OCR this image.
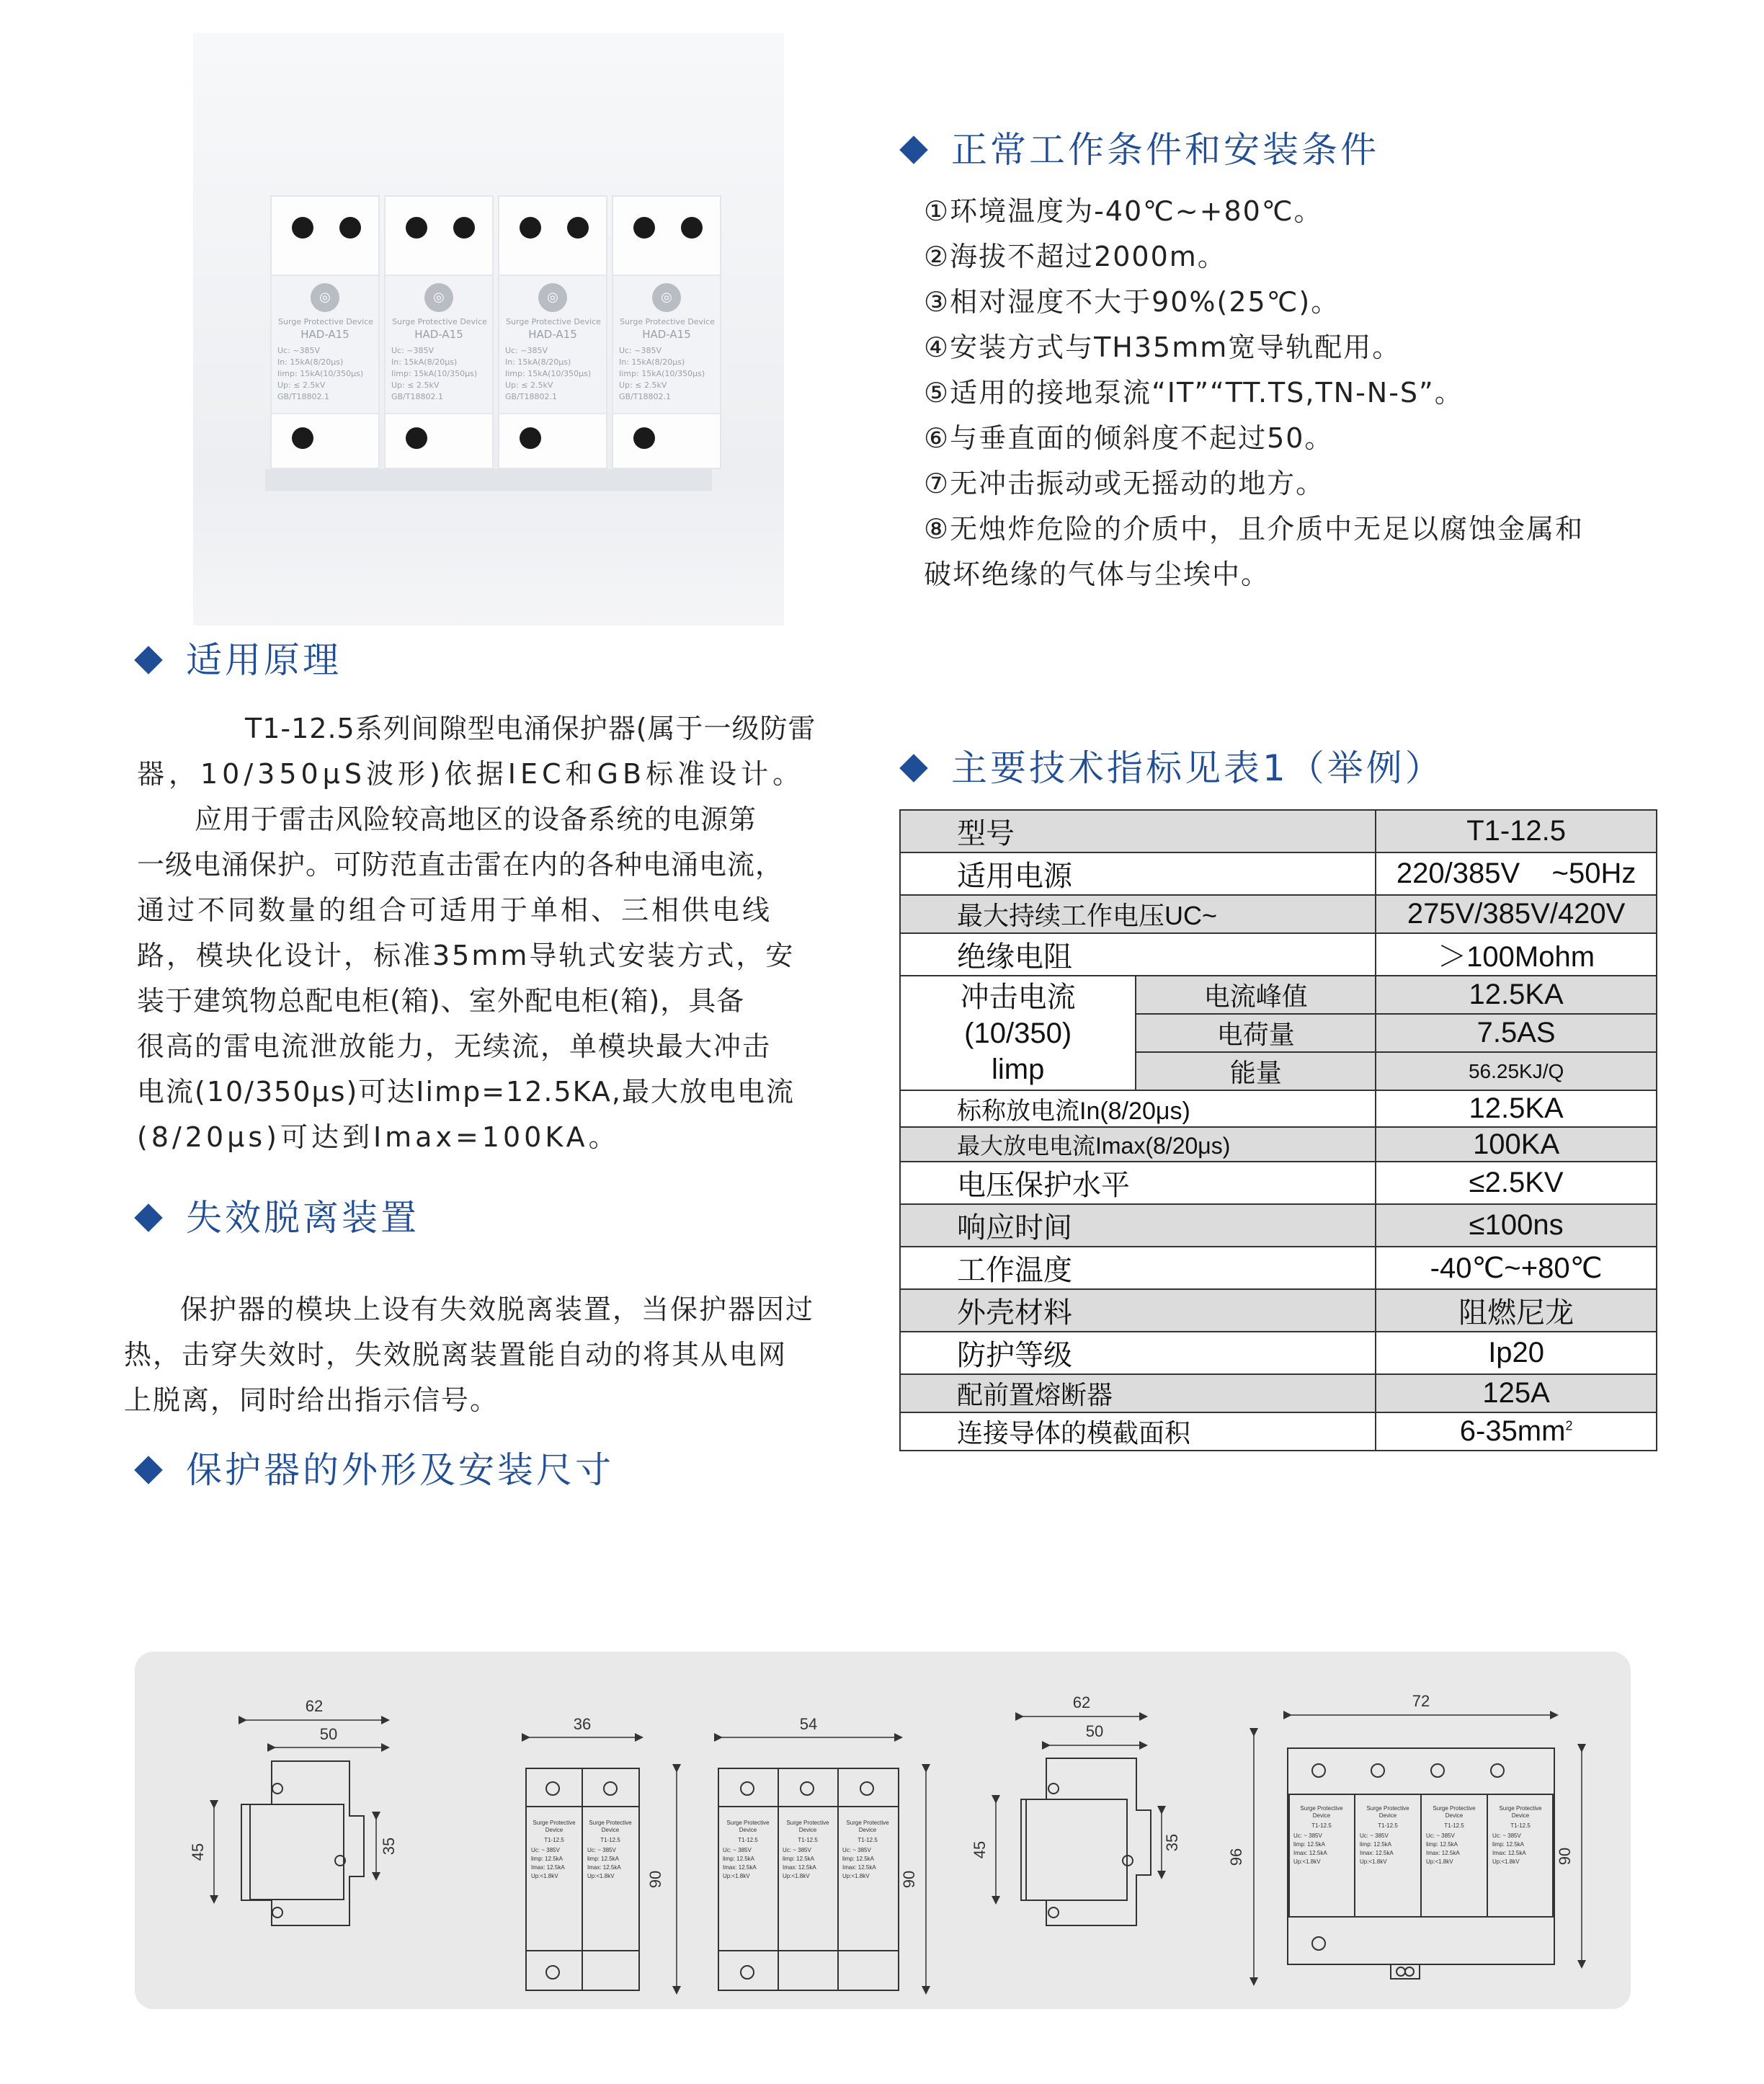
◎
Surge Protective Device
HAD-A15
Uc: ~385V
In: 15kA(8/20μs)
Iimp: 15kA(10/350μs)
Up: ≤ 2.5kV
GB/T18802.1
◎
Surge Protective Device
HAD-A15
Uc: ~385V
In: 15kA(8/20μs)
Iimp: 15kA(10/350μs)
Up: ≤ 2.5kV
GB/T18802.1
◎
Surge Protective Device
HAD-A15
Uc: ~385V
In: 15kA(8/20μs)
Iimp: 15kA(10/350μs)
Up: ≤ 2.5kV
GB/T18802.1
◎
Surge Protective Device
HAD-A15
Uc: ~385V
In: 15kA(8/20μs)
Iimp: 15kA(10/350μs)
Up: ≤ 2.5kV
GB/T18802.1
正常工作条件和安装条件
①环境温度为-40℃~+80℃。
②海拔不超过2000m。
③相对湿度不大于90%(25℃)。
④安装方式与TH35mm宽导轨配用。
⑤适用的接地泵流“IT”“TT.TS,TN-N-S”。
⑥与垂直面的倾斜度不起过50。
⑦无冲击振动或无摇动的地方。
⑧无烛炸危险的介质中，且介质中无足以腐蚀金属和
破坏绝缘的气体与尘埃中。
适用原理
T1-12.5系列间隙型电涌保护器(属于一级防雷
器，10/350μS波形)依据IEC和GB标准设计。
应用于雷击风险较高地区的设备系统的电源第
一级电涌保护。可防范直击雷在内的各种电涌电流，
通过不同数量的组合可适用于单相、三相供电线
路，模块化设计，标准35mm导轨式安装方式，安
装于建筑物总配电柜(箱)、室外配电柜(箱)，具备
很高的雷电流泄放能力，无续流，单模块最大冲击
电流(10/350μs)可达Iimp=12.5KA,最大放电电流
(8/20μs)可达到Imax=100KA。
失效脱离装置
保护器的模块上设有失效脱离装置，当保护器因过
热，击穿失效时，失效脱离装置能自动的将其从电网
上脱离，同时给出指示信号。
主要技术指标见表1（举例）
型号		T1-12.5
适用电源		220/385V    ~50Hz
最大持续工作电压UC~		275V/385V/420V
绝缘电阻		＞100Mohm

冲击电流
(10/350)
limp	电流峰值	12.5KA
	电荷量	7.5AS
	能量	56.25KJ/Q
标称放电流In(8/20μs)		12.5KA
最大放电电流Imax(8/20μs)		100KA
电压保护水平		≤2.5KV
响应时间		≤100ns
工作温度		-40℃~+80℃
外壳材料		阻燃尼龙
防护等级		Ip20
配前置熔断器		125A
连接导体的模截面积		$6-35mm^2$
保护器的外形及安装尺寸
62
50
45	35
36
90
54
90
62
50
45	35
72
96	90
Surge Protective
Device
T1-12.5
Uc: ~ 385V
limp: 12.5kA
Imax: 12.5kA
Up:<1.8kV
Surge Protective
Device
T1-12.5
Uc: ~ 385V
limp: 12.5kA
Imax: 12.5kA
Up:<1.8kV
Surge Protective
Device
T1-12.5
Uc: ~ 385V
limp: 12.5kA
Imax: 12.5kA
Up:<1.8kV
Surge Protective
Device
T1-12.5
Uc: ~ 385V
limp: 12.5kA
Imax: 12.5kA
Up:<1.8kV
Surge Protective
Device
T1-12.5
Uc: ~ 385V
limp: 12.5kA
Imax: 12.5kA
Up:<1.8kV
Surge Protective
Device
T1-12.5
Uc: ~ 385V
limp: 12.5kA
Imax: 12.5kA
Up:<1.8kV
Surge Protective
Device
T1-12.5
Uc: ~ 385V
limp: 12.5kA
Imax: 12.5kA
Up:<1.8kV
Surge Protective
Device
T1-12.5
Uc: ~ 385V
limp: 12.5kA
Imax: 12.5kA
Up:<1.8kV
Surge Protective
Device
T1-12.5
Uc: ~ 385V
limp: 12.5kA
Imax: 12.5kA
Up:<1.8kV
